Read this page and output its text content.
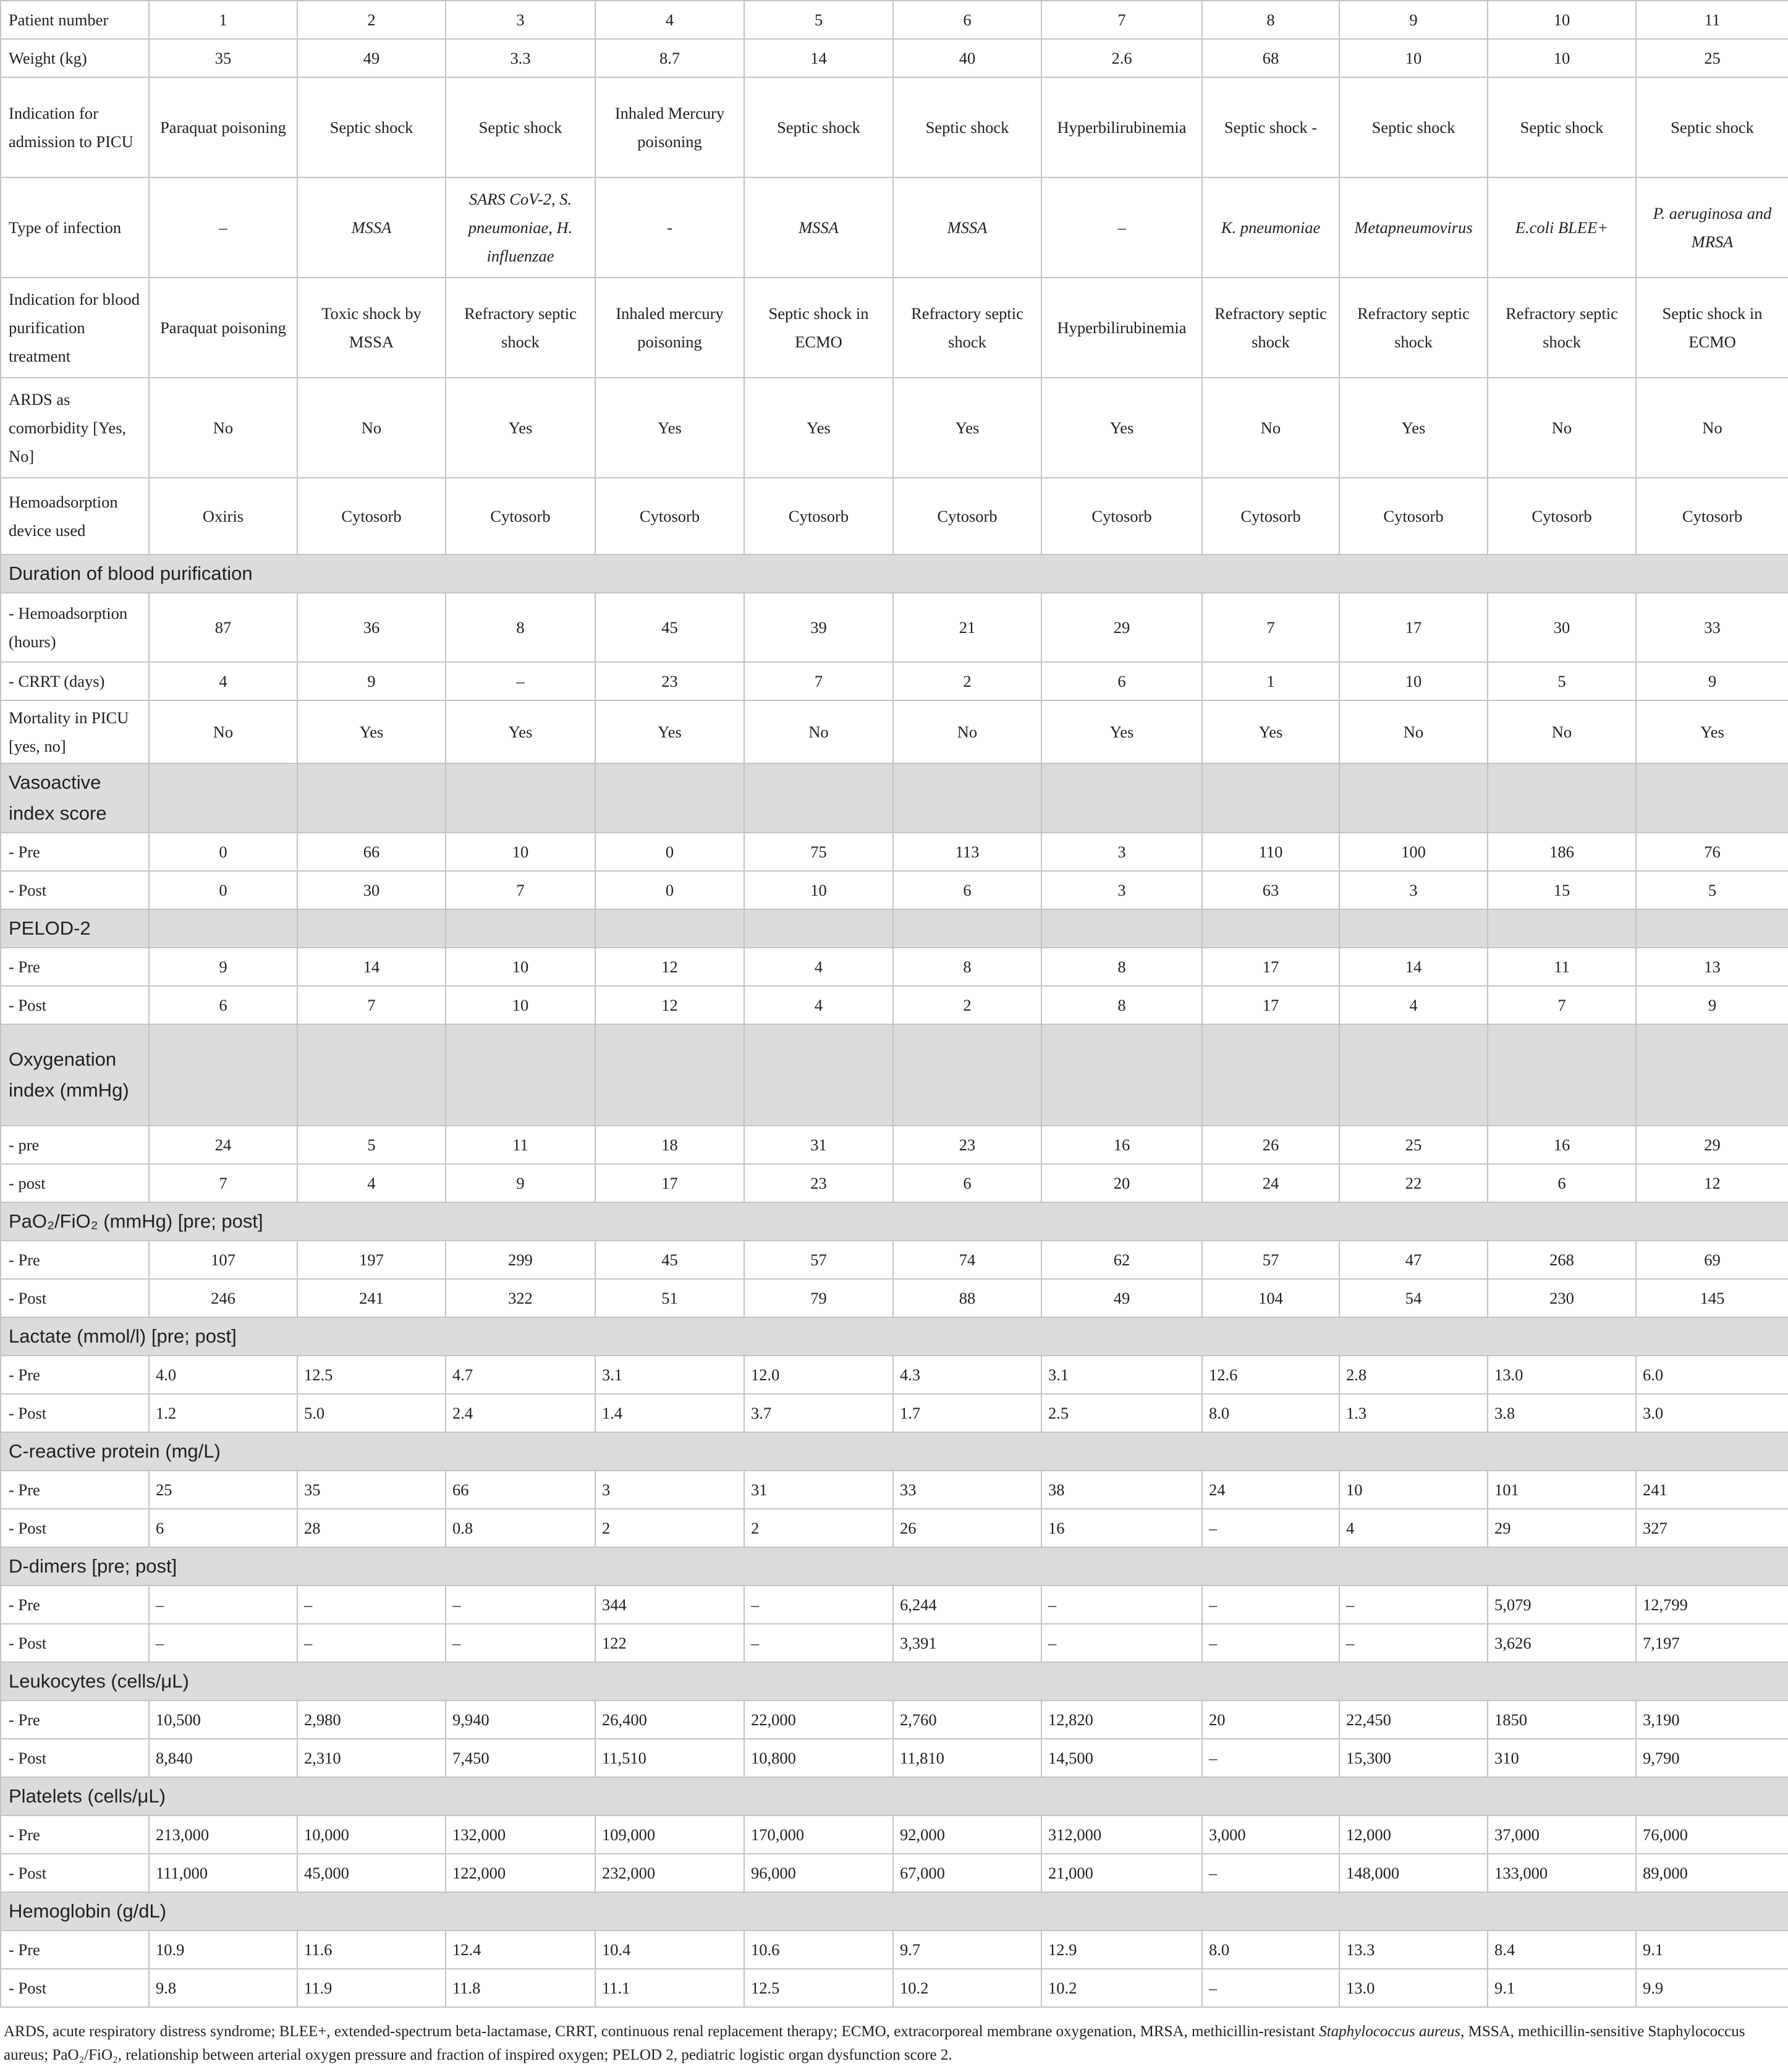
Patient number	1	2	3	4	5	6	7	8	9	10	11
Weight (kg)	35	49	3.3	8.7	14	40	2.6	68	10	10	25
Indication for admission to PICU	Paraquat poisoning	Septic shock	Septic shock	Inhaled Mercury poisoning	Septic shock	Septic shock	Hyperbilirubinemia	Septic shock -	Septic shock	Septic shock	Septic shock
Type of infection	–	MSSA	SARS CoV-2, S. pneumoniae, H. influenzae	-	MSSA	MSSA	–	K. pneumoniae	Metapneumovirus	E.coli BLEE+	P. aeruginosa and MRSA
Indication for blood purification treatment	Paraquat poisoning	Toxic shock by MSSA	Refractory septic shock	Inhaled mercury poisoning	Septic shock in ECMO	Refractory septic shock	Hyperbilirubinemia	Refractory septic shock	Refractory septic shock	Refractory septic shock	Septic shock in ECMO
ARDS as comorbidity [Yes, No]	No	No	Yes	Yes	Yes	Yes	Yes	No	Yes	No	No
Hemoadsorption device used	Oxiris	Cytosorb	Cytosorb	Cytosorb	Cytosorb	Cytosorb	Cytosorb	Cytosorb	Cytosorb	Cytosorb	Cytosorb
Duration of blood purification											
- Hemoadsorption (hours)	87	36	8	45	39	21	29	7	17	30	33
- CRRT (days)	4	9	–	23	7	2	6	1	10	5	9
Mortality in PICU [yes, no]	No	Yes	Yes	Yes	No	No	Yes	Yes	No	No	Yes
Vasoactive index score											
- Pre	0	66	10	0	75	113	3	110	100	186	76
- Post	0	30	7	0	10	6	3	63	3	15	5
PELOD-2											
- Pre	9	14	10	12	4	8	8	17	14	11	13
- Post	6	7	10	12	4	2	8	17	4	7	9
Oxygenation index (mmHg)											
- pre	24	5	11	18	31	23	16	26	25	16	29
- post	7	4	9	17	23	6	20	24	22	6	12
PaO₂/FiO₂ (mmHg) [pre; post]											
- Pre	107	197	299	45	57	74	62	57	47	268	69
- Post	246	241	322	51	79	88	49	104	54	230	145
Lactate (mmol/l) [pre; post]											
- Pre	4.0	12.5	4.7	3.1	12.0	4.3	3.1	12.6	2.8	13.0	6.0
- Post	1.2	5.0	2.4	1.4	3.7	1.7	2.5	8.0	1.3	3.8	3.0
C-reactive protein (mg/L)											
- Pre	25	35	66	3	31	33	38	24	10	101	241
- Post	6	28	0.8	2	2	26	16	–	4	29	327
D-dimers [pre; post]											
- Pre	–	–	–	344	–	6,244	–	–	–	5,079	12,799
- Post	–	–	–	122	–	3,391	–	–	–	3,626	7,197
Leukocytes (cells/μL)											
- Pre	10,500	2,980	9,940	26,400	22,000	2,760	12,820	20	22,450	1850	3,190
- Post	8,840	2,310	7,450	11,510	10,800	11,810	14,500	–	15,300	310	9,790
Platelets (cells/μL)											
- Pre	213,000	10,000	132,000	109,000	170,000	92,000	312,000	3,000	12,000	37,000	76,000
- Post	111,000	45,000	122,000	232,000	96,000	67,000	21,000	–	148,000	133,000	89,000
Hemoglobin (g/dL)											
- Pre	10.9	11.6	12.4	10.4	10.6	9.7	12.9	8.0	13.3	8.4	9.1
- Post	9.8	11.9	11.8	11.1	12.5	10.2	10.2	–	13.0	9.1	9.9
ARDS, acute respiratory distress syndrome; BLEE+, extended-spectrum beta-lactamase, CRRT, continuous renal replacement therapy; ECMO, extracorporeal membrane oxygenation, MRSA, methicillin-resistant Staphylococcus aureus, MSSA, methicillin-sensitive Staphylococcus aureus; PaO₂/FiO₂, relationship between arterial oxygen pressure and fraction of inspired oxygen; PELOD 2, pediatric logistic organ dysfunction score 2.
